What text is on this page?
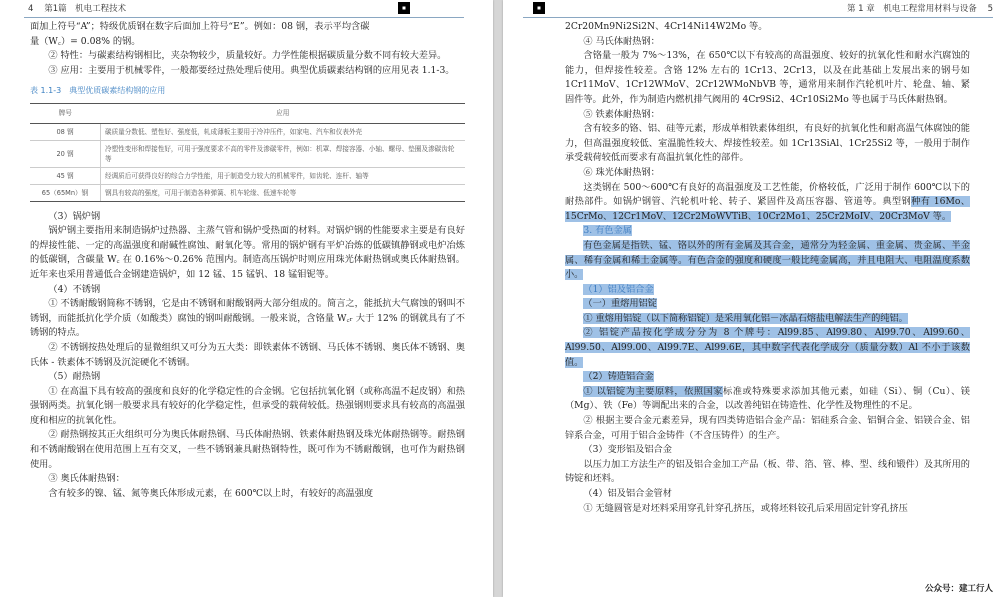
4 第1篇　机电工程技术

面加上符号“A”；特级优质钢在数字后面加上符号“E”。例如：08 钢，表示平均含碳

量（W꜀）= 0.08% 的钢。

② 特性：与碳素结构钢相比，夹杂物较少，质量较好。力学性能根据碳质量分数不同有较大差异。

③ 应用：主要用于机械零件，一般都要经过热处理后使用。典型优质碳素结构钢的应用见表 1.1-3。

表 1.1-3　典型优质碳素结构钢的应用

牌号	应用
08 钢	碳质量分数低、塑性好、强度低，轧成薄板主要用于冷冲压件，如家电、汽车和仪表外壳
20 钢	冷塑性变形和焊接性好，可用于强度要求不高的零件及渗碳零件，例如：机罩、焊接容器、小轴、螺母、垫圈及渗碳齿轮等
45 钢	经调质后可获得良好的综合力学性能，用于制造受力较大的机械零件，如齿轮、连杆、轴等
65（65Mn）钢	钢具有较高的强度，可用于制造各种弹簧、机车轮缘、低速车轮等

（3）锅炉钢

锅炉钢主要指用来制造锅炉过热器、主蒸气管和锅炉受热面的材料。对锅炉钢的性能要求主要是有良好的焊接性能、一定的高温强度和耐碱性腐蚀、耐氧化等。常用的锅炉钢有平炉冶炼的低碳镇静钢或电炉冶炼的低碳钢，含碳量 W꜀ 在 0.16%～0.26% 范围内。制造高压锅炉时则应用珠光体耐热钢或奥氏体耐热钢。近年来也采用普通低合金钢建造锅炉，如 12 锰、15 锰钒、18 锰钼铌等。

（4）不锈钢

① 不锈耐酸钢简称不锈钢，它是由不锈钢和耐酸钢两大部分组成的。简言之，能抵抗大气腐蚀的钢叫不锈钢，而能抵抗化学介质（如酸类）腐蚀的钢叫耐酸钢。一般来说，含铬量 W꜀ᵣ 大于 12% 的钢就具有了不锈钢的特点。

② 不锈钢按热处理后的显微组织又可分为五大类：即铁素体不锈钢、马氏体不锈钢、奥氏体不锈钢、奥氏体 - 铁素体不锈钢及沉淀硬化不锈钢。

（5）耐热钢

① 在高温下具有较高的强度和良好的化学稳定性的合金钢。它包括抗氧化钢（或称高温不起皮钢）和热强钢两类。抗氧化钢一般要求具有较好的化学稳定性，但承受的载荷较低。热强钢则要求具有较高的高温强度和相应的抗氧化性。

② 耐热钢按其正火组织可分为奥氏体耐热钢、马氏体耐热钢、铁素体耐热钢及珠光体耐热钢等。耐热钢和不锈耐酸钢在使用范围上互有交叉，一些不锈钢兼具耐热钢特性，既可作为不锈耐酸钢，也可作为耐热钢使用。

③ 奥氏体耐热钢：

含有较多的镍、锰、氮等奥氏体形成元素，在 600℃以上时，有较好的高温强度

第 1 章　机电工程常用材料与设备 5

2Cr20Mn9Ni2Si2N、4Cr14Ni14W2Mo 等。

④ 马氏体耐热钢：

含铬量一般为 7%～13%，在 650℃以下有较高的高温强度、较好的抗氧化性和耐水汽腐蚀的能力，但焊接性较差。含铬 12% 左右的 1Cr13、2Cr13，以及在此基础上发展出来的钢号如 1Cr11MoV、1Cr12WMoV、2Cr12WMoNbVB 等，通常用来制作汽轮机叶片、轮盘、轴、紧固件等。此外，作为制造内燃机排气阀用的 4Cr9Si2、4Cr10Si2Mo 等也属于马氏体耐热钢。

⑤ 铁素体耐热钢：

含有较多的铬、铝、硅等元素，形成单相铁素体组织，有良好的抗氧化性和耐高温气体腐蚀的能力，但高温强度较低、室温脆性较大、焊接性较差。如 1Cr13SiAl、1Cr25Si2 等，一般用于制作承受载荷较低而要求有高温抗氧化性的部件。

⑥ 珠光体耐热钢：

这类钢在 500～600℃有良好的高温强度及工艺性能，价格较低，广泛用于制作 600℃以下的耐热部件。如锅炉钢管、汽轮机叶轮、转子、紧固件及高压容器、管道等。典型钢种有 16Mo、15CrMo、12Cr1MoV、12Cr2MoWVTiB、10Cr2Mo1、25Cr2MoIV、20Cr3MoV 等。

3. 有色金属

有色金属是指铁、锰、铬以外的所有金属及其合金，通常分为轻金属、重金属、贵金属、半金属、稀有金属和稀土金属等。有色合金的强度和硬度一般比纯金属高，并且电阻大、电阻温度系数小。

（1）铝及铝合金

（一）重熔用铝锭

① 重熔用铝锭（以下简称铝锭）是采用氧化铝－冰晶石熔盐电解法生产的纯铝。

② 铝锭产品按化学成分分为 8 个牌号：Al99.85、Al99.80、Al99.70、Al99.60、Al99.50、Al99.00、Al99.7E、Al99.6E，其中数字代表化学成分（质量分数）Al 不小于该数值。

（2）铸造铝合金

① 以铝锭为主要原料，依照国家标准或特殊要求添加其他元素，如硅（Si）、铜（Cu）、镁（Mg）、铁（Fe）等调配出来的合金，以改善纯铝在铸造性、化学性及物理性的不足。

② 根据主要合金元素差异，现有四类铸造铝合金产品：铝硅系合金、铝铜合金、铝镁合金、铝锌系合金，可用于铝合金铸件（不含压铸件）的生产。

（3）变形铝及铝合金

以压力加工方法生产的铝及铝合金加工产品（板、带、箔、管、棒、型、线和锻件）及其所用的铸锭和坯料。

（4）铝及铝合金管材

① 无缝圆管是对坯料采用穿孔针穿孔挤压，或将坯料铰孔后采用固定针穿孔挤压

公众号：建工行人
